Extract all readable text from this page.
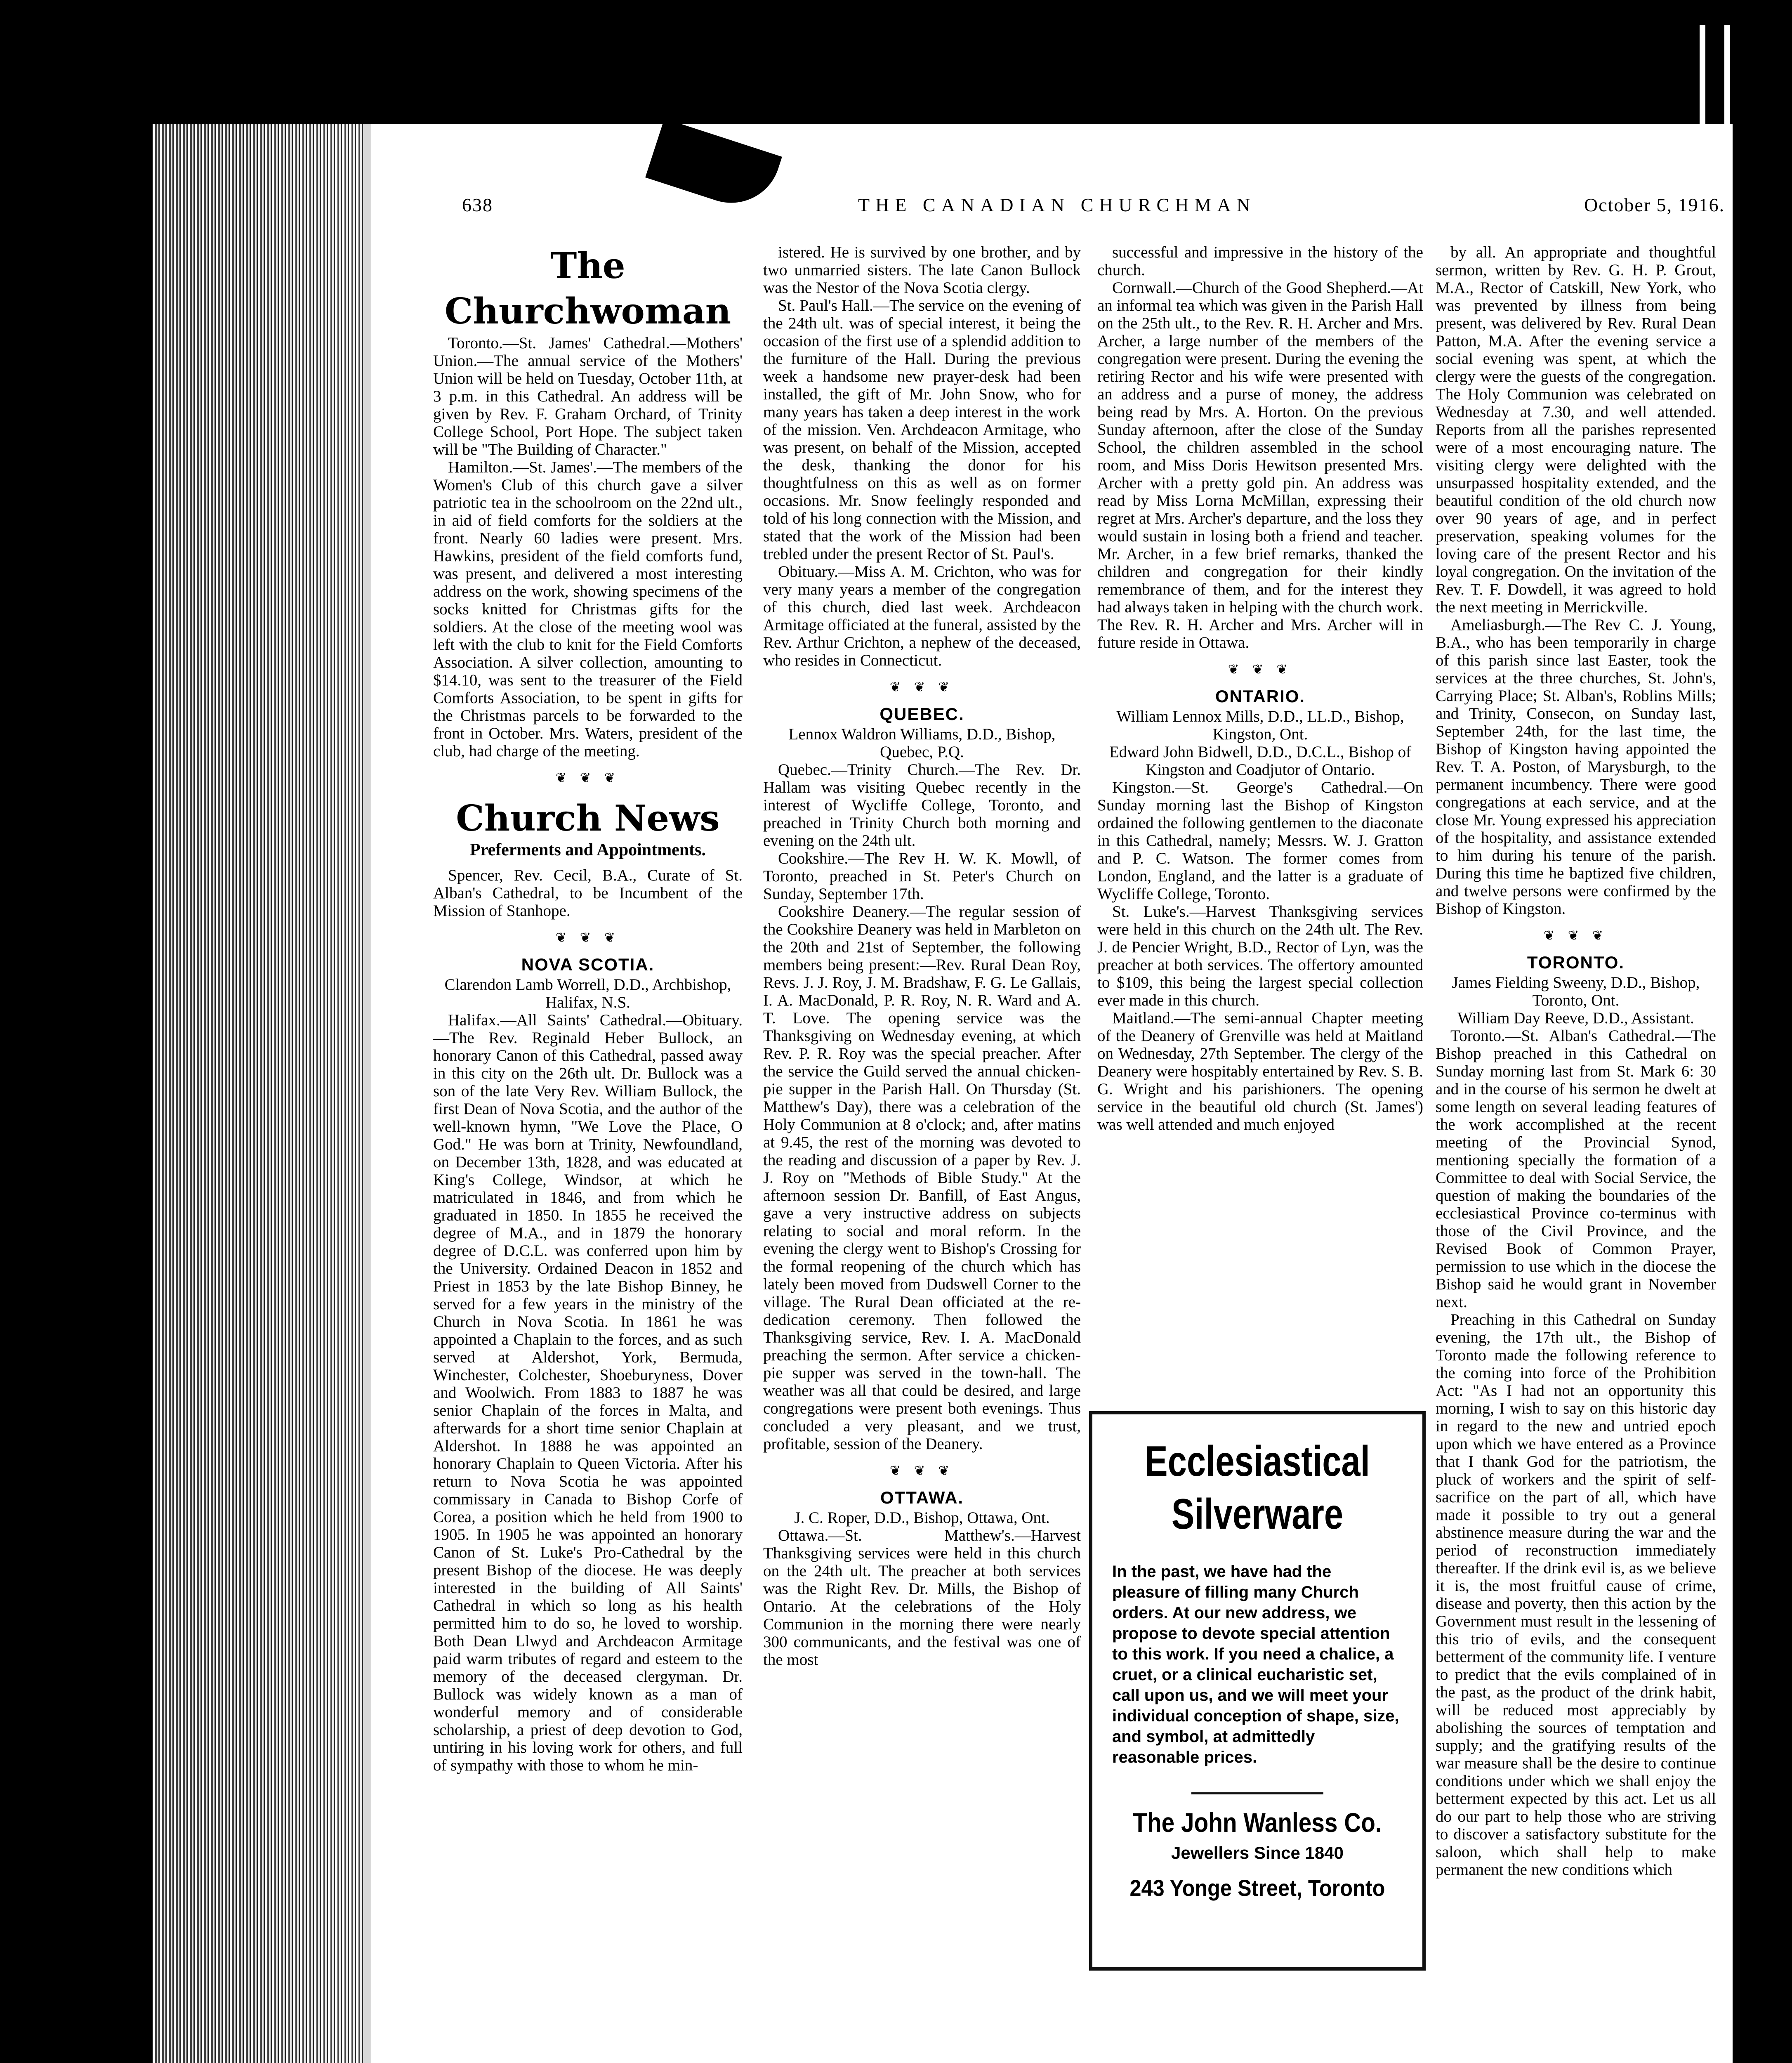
638	THE CANADIAN CHURCHMAN	October 5, 1916.
The Churchwoman

Toronto.—St. James' Cathedral.—Mothers' Union.—The annual service of the Mothers' Union will be held on Tuesday, October 11th, at 3 p.m. in this Cathedral. An address will be given by Rev. F. Graham Orchard, of Trinity College School, Port Hope. The subject taken will be "The Building of Character."

Hamilton.—St. James'.—The members of the Women's Club of this church gave a silver patriotic tea in the schoolroom on the 22nd ult., in aid of field comforts for the soldiers at the front. Nearly 60 ladies were present. Mrs. Hawkins, president of the field comforts fund, was present, and delivered a most interesting address on the work, showing specimens of the socks knitted for Christmas gifts for the soldiers. At the close of the meeting wool was left with the club to knit for the Field Comforts Association. A silver collection, amounting to $14.10, was sent to the treasurer of the Field Comforts Association, to be spent in gifts for the Christmas parcels to be forwarded to the front in October. Mrs. Waters, president of the club, had charge of the meeting.

❦ ❦ ❦
Church News
Preferments and Appointments.

Spencer, Rev. Cecil, B.A., Curate of St. Alban's Cathedral, to be Incumbent of the Mission of Stanhope.

❦ ❦ ❦
NOVA SCOTIA.
Clarendon Lamb Worrell, D.D., Archbishop, Halifax, N.S.

Halifax.—All Saints' Cathedral.—Obituary.—The Rev. Reginald Heber Bullock, an honorary Canon of this Cathedral, passed away in this city on the 26th ult. Dr. Bullock was a son of the late Very Rev. William Bullock, the first Dean of Nova Scotia, and the author of the well-known hymn, "We Love the Place, O God." He was born at Trinity, Newfoundland, on December 13th, 1828, and was educated at King's College, Windsor, at which he matriculated in 1846, and from which he graduated in 1850. In 1855 he received the degree of M.A., and in 1879 the honorary degree of D.C.L. was conferred upon him by the University. Ordained Deacon in 1852 and Priest in 1853 by the late Bishop Binney, he served for a few years in the ministry of the Church in Nova Scotia. In 1861 he was appointed a Chaplain to the forces, and as such served at Aldershot, York, Bermuda, Winchester, Colchester, Shoeburyness, Dover and Woolwich. From 1883 to 1887 he was senior Chaplain of the forces in Malta, and afterwards for a short time senior Chaplain at Aldershot. In 1888 he was appointed an honorary Chaplain to Queen Victoria. After his return to Nova Scotia he was appointed commissary in Canada to Bishop Corfe of Corea, a position which he held from 1900 to 1905. In 1905 he was appointed an honorary Canon of St. Luke's Pro-Cathedral by the present Bishop of the diocese. He was deeply interested in the building of All Saints' Cathedral in which so long as his health permitted him to do so, he loved to worship. Both Dean Llwyd and Archdeacon Armitage paid warm tributes of regard and esteem to the memory of the deceased clergyman. Dr. Bullock was widely known as a man of wonderful memory and of considerable scholarship, a priest of deep devotion to God, untiring in his loving work for others, and full of sympathy with those to whom he min-

istered. He is survived by one brother, and by two unmarried sisters. The late Canon Bullock was the Nestor of the Nova Scotia clergy.

St. Paul's Hall.—The service on the evening of the 24th ult. was of special interest, it being the occasion of the first use of a splendid addition to the furniture of the Hall. During the previous week a handsome new prayer-desk had been installed, the gift of Mr. John Snow, who for many years has taken a deep interest in the work of the mission. Ven. Archdeacon Armitage, who was present, on behalf of the Mission, accepted the desk, thanking the donor for his thoughtfulness on this as well as on former occasions. Mr. Snow feelingly responded and told of his long connection with the Mission, and stated that the work of the Mission had been trebled under the present Rector of St. Paul's.

Obituary.—Miss A. M. Crichton, who was for very many years a member of the congregation of this church, died last week. Archdeacon Armitage officiated at the funeral, assisted by the Rev. Arthur Crichton, a nephew of the deceased, who resides in Connecticut.

❦ ❦ ❦
QUEBEC.
Lennox Waldron Williams, D.D., Bishop, Quebec, P.Q.

Quebec.—Trinity Church.—The Rev. Dr. Hallam was visiting Quebec recently in the interest of Wycliffe College, Toronto, and preached in Trinity Church both morning and evening on the 24th ult.

Cookshire.—The Rev H. W. K. Mowll, of Toronto, preached in St. Peter's Church on Sunday, September 17th.

Cookshire Deanery.—The regular session of the Cookshire Deanery was held in Marbleton on the 20th and 21st of September, the following members being present:—Rev. Rural Dean Roy, Revs. J. J. Roy, J. M. Bradshaw, F. G. Le Gallais, I. A. MacDonald, P. R. Roy, N. R. Ward and A. T. Love. The opening service was the Thanksgiving on Wednesday evening, at which Rev. P. R. Roy was the special preacher. After the service the Guild served the annual chicken-pie supper in the Parish Hall. On Thursday (St. Matthew's Day), there was a celebration of the Holy Communion at 8 o'clock; and, after matins at 9.45, the rest of the morning was devoted to the reading and discussion of a paper by Rev. J. J. Roy on "Methods of Bible Study." At the afternoon session Dr. Banfill, of East Angus, gave a very instructive address on subjects relating to social and moral reform. In the evening the clergy went to Bishop's Crossing for the formal reopening of the church which has lately been moved from Dudswell Corner to the village. The Rural Dean officiated at the re-dedication ceremony. Then followed the Thanksgiving service, Rev. I. A. MacDonald preaching the sermon. After service a chicken-pie supper was served in the town-hall. The weather was all that could be desired, and large congregations were present both evenings. Thus concluded a very pleasant, and we trust, profitable, session of the Deanery.

❦ ❦ ❦
OTTAWA.
J. C. Roper, D.D., Bishop, Ottawa, Ont.

Ottawa.—St. Matthew's.—Harvest Thanksgiving services were held in this church on the 24th ult. The preacher at both services was the Right Rev. Dr. Mills, the Bishop of Ontario. At the celebrations of the Holy Communion in the morning there were nearly 300 communicants, and the festival was one of the most

successful and impressive in the history of the church.

Cornwall.—Church of the Good Shepherd.—At an informal tea which was given in the Parish Hall on the 25th ult., to the Rev. R. H. Archer and Mrs. Archer, a large number of the members of the congregation were present. During the evening the retiring Rector and his wife were presented with an address and a purse of money, the address being read by Mrs. A. Horton. On the previous Sunday afternoon, after the close of the Sunday School, the children assembled in the school room, and Miss Doris Hewitson presented Mrs. Archer with a pretty gold pin. An address was read by Miss Lorna McMillan, expressing their regret at Mrs. Archer's departure, and the loss they would sustain in losing both a friend and teacher. Mr. Archer, in a few brief remarks, thanked the children and congregation for their kindly remembrance of them, and for the interest they had always taken in helping with the church work. The Rev. R. H. Archer and Mrs. Archer will in future reside in Ottawa.

❦ ❦ ❦
ONTARIO.
William Lennox Mills, D.D., LL.D., Bishop, Kingston, Ont.
Edward John Bidwell, D.D., D.C.L., Bishop of Kingston and Coadjutor of Ontario.

Kingston.—St. George's Cathedral.—On Sunday morning last the Bishop of Kingston ordained the following gentlemen to the diaconate in this Cathedral, namely; Messrs. W. J. Gratton and P. C. Watson. The former comes from London, England, and the latter is a graduate of Wycliffe College, Toronto.

St. Luke's.—Harvest Thanksgiving services were held in this church on the 24th ult. The Rev. J. de Pencier Wright, B.D., Rector of Lyn, was the preacher at both services. The offertory amounted to $109, this being the largest special collection ever made in this church.

Maitland.—The semi-annual Chapter meeting of the Deanery of Grenville was held at Maitland on Wednesday, 27th September. The clergy of the Deanery were hospitably entertained by Rev. S. B. G. Wright and his parishioners. The opening service in the beautiful old church (St. James') was well attended and much enjoyed

Ecclesiastical
Silverware
In the past, we have had the pleasure of filling many Church orders. At our new address, we propose to devote special attention to this work. If you need a chalice, a cruet, or a clinical eucharistic set, call upon us, and we will meet your individual conception of shape, size, and symbol, at admittedly reasonable prices.
The John Wanless Co.
Jewellers Since 1840
243 Yonge Street, Toronto

by all. An appropriate and thoughtful sermon, written by Rev. G. H. P. Grout, M.A., Rector of Catskill, New York, who was prevented by illness from being present, was delivered by Rev. Rural Dean Patton, M.A. After the evening service a social evening was spent, at which the clergy were the guests of the congregation. The Holy Communion was celebrated on Wednesday at 7.30, and well attended. Reports from all the parishes represented were of a most encouraging nature. The visiting clergy were delighted with the unsurpassed hospitality extended, and the beautiful condition of the old church now over 90 years of age, and in perfect preservation, speaking volumes for the loving care of the present Rector and his loyal congregation. On the invitation of the Rev. T. F. Dowdell, it was agreed to hold the next meeting in Merrickville.

Ameliasburgh.—The Rev C. J. Young, B.A., who has been temporarily in charge of this parish since last Easter, took the services at the three churches, St. John's, Carrying Place; St. Alban's, Roblins Mills; and Trinity, Consecon, on Sunday last, September 24th, for the last time, the Bishop of Kingston having appointed the Rev. T. A. Poston, of Marysburgh, to the permanent incumbency. There were good congregations at each service, and at the close Mr. Young expressed his appreciation of the hospitality, and assistance extended to him during his tenure of the parish. During this time he baptized five children, and twelve persons were confirmed by the Bishop of Kingston.

❦ ❦ ❦
TORONTO.
James Fielding Sweeny, D.D., Bishop, Toronto, Ont.
William Day Reeve, D.D., Assistant.

Toronto.—St. Alban's Cathedral.—The Bishop preached in this Cathedral on Sunday morning last from St. Mark 6: 30 and in the course of his sermon he dwelt at some length on several leading features of the work accomplished at the recent meeting of the Provincial Synod, mentioning specially the formation of a Committee to deal with Social Service, the question of making the boundaries of the ecclesiastical Province co-terminus with those of the Civil Province, and the Revised Book of Common Prayer, permission to use which in the diocese the Bishop said he would grant in November next.

Preaching in this Cathedral on Sunday evening, the 17th ult., the Bishop of Toronto made the following reference to the coming into force of the Prohibition Act: "As I had not an opportunity this morning, I wish to say on this historic day in regard to the new and untried epoch upon which we have entered as a Province that I thank God for the patriotism, the pluck of workers and the spirit of self-sacrifice on the part of all, which have made it possible to try out a general abstinence measure during the war and the period of reconstruction immediately thereafter. If the drink evil is, as we believe it is, the most fruitful cause of crime, disease and poverty, then this action by the Government must result in the lessening of this trio of evils, and the consequent betterment of the community life. I venture to predict that the evils complained of in the past, as the product of the drink habit, will be reduced most appreciably by abolishing the sources of temptation and supply; and the gratifying results of the war measure shall be the desire to continue conditions under which we shall enjoy the betterment expected by this act. Let us all do our part to help those who are striving to discover a satisfactory substitute for the saloon, which shall help to make permanent the new conditions which
